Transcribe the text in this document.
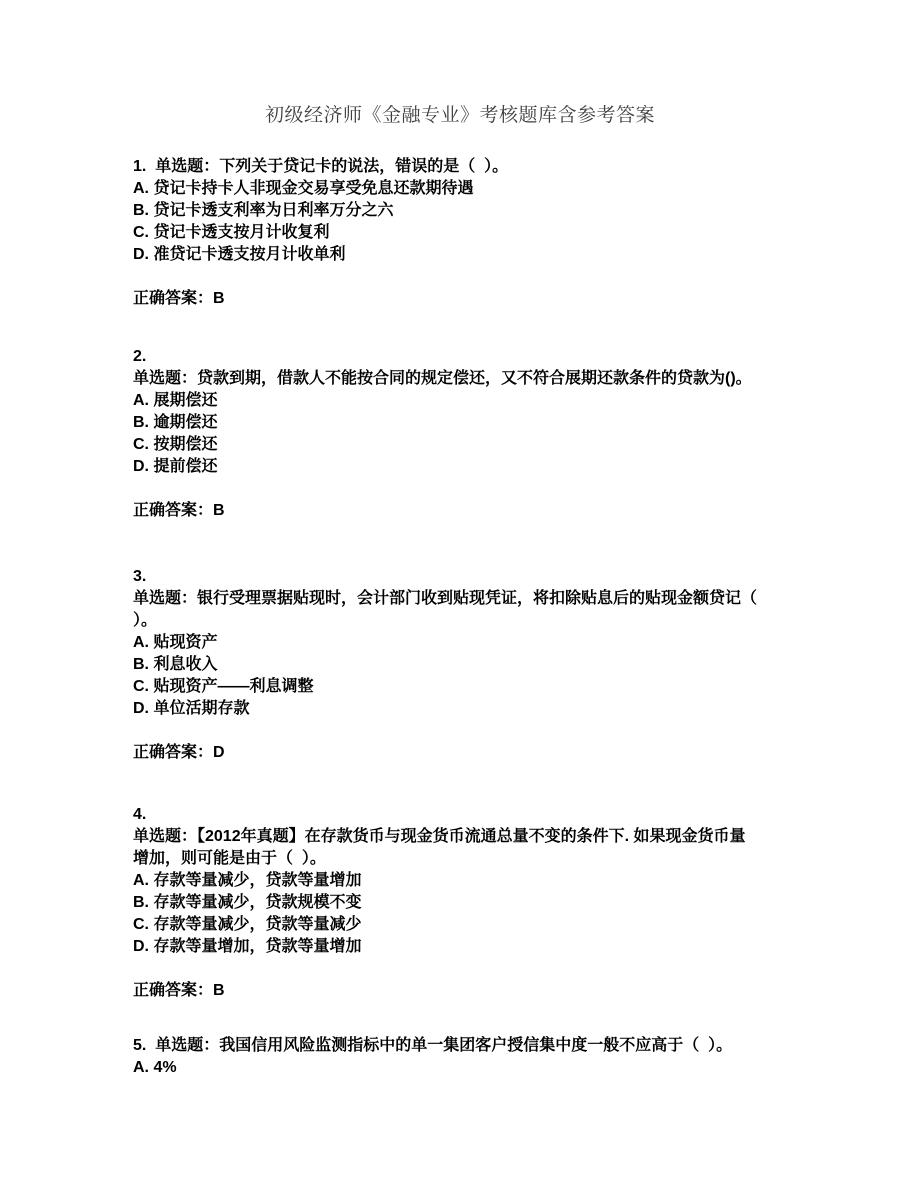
初级经济师《金融专业》考核题库含参考答案
1.  单选题：下列关于贷记卡的说法，错误的是（  ）。
A. 贷记卡持卡人非现金交易享受免息还款期待遇
B. 贷记卡透支利率为日利率万分之六
C. 贷记卡透支按月计收复利
D. 准贷记卡透支按月计收单利
正确答案：B
2.
单选题：贷款到期，借款人不能按合同的规定偿还，又不符合展期还款条件的贷款为()。
A. 展期偿还
B. 逾期偿还
C. 按期偿还
D. 提前偿还
正确答案：B
3.
单选题：银行受理票据贴现时，会计部门收到贴现凭证，将扣除贴息后的贴现金额贷记（
）。
A. 贴现资产
B. 利息收入
C. 贴现资产——利息调整
D. 单位活期存款
正确答案：D
4.
单选题：【2012年真题】在存款货币与现金货币流通总量不变的条件下. 如果现金货币量
增加，则可能是由于（  ）。
A. 存款等量减少，贷款等量增加
B. 存款等量减少，贷款规模不变
C. 存款等量减少，贷款等量减少
D. 存款等量增加，贷款等量增加
正确答案：B
5.  单选题：我国信用风险监测指标中的单一集团客户授信集中度一般不应高于（  ）。
A. 4%
